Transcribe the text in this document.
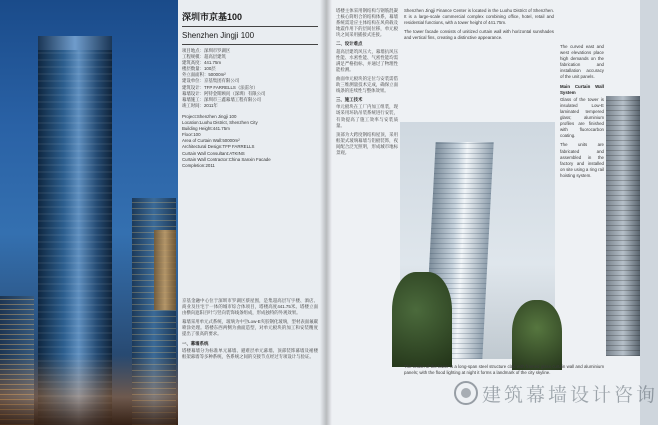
深圳市京基100
Shenzhen Jingji 100
项目地点： 深圳市罗湖区
工程规模： 超高层建筑
建筑高度： 441.75m
楼层数量： 100层
外立面面积： 50000m²
建设单位： 京基集团有限公司
建筑设计： TFP FARRELLS（法雷尔）
幕墙设计： 阿特金斯顾问（深圳）有限公司
幕墙施工： 深圳市三鑫幕墙工程有限公司
竣工时间： 2011年
Project: Shenzhen Jingji 100
Location: Luohu District, Shenzhen City
Building Height: 441.75m
Floor: 100
Area of Curtain Wall: 50000m²
Architectural Design: TFP FARRELLS
Curtain Wall Consultant: ATKINS
Curtain Wall Contractor: China Sanxin Facade
Completion: 2011

京基金融中心位于深圳市罗湖区蔡屋围，是集超高层写字楼、酒店、商业及住宅于一体的城市综合体项目，塔楼高度441.75米。塔楼立面由横向遮阳百叶与竖向装饰线条组成，形成独特的外观效果。

幕墙采用单元式系统，玻璃为中空Low-E夹胶钢化玻璃，型材表面氟碳喷涂处理。塔楼东西两侧为曲面造型，对单元板块的加工和安装精度提出了很高的要求。

一、幕墙系统

塔楼幕墙分为标准单元幕墙、避难层单元幕墙、顶部装饰幕墙及裙楼框架幕墙等多种系统，各系统之间的交接节点经过专项设计与验证。

塔楼主体采用钢结构与钢筋混凝土核心筒组合的结构体系，幕墙系统需适应主体结构在风荷载及地震作用下的层间位移，单元板块之间采用插接式连接。

二、设计难点

超高层建筑风压大，幕墙抗风压性能、水密性能、气密性能均需满足严格指标，并通过了物理性能检测。

曲面单元板块的定位与安装需借助三维测量技术完成，确保立面线条的连续性与整体效果。

三、施工技术

单元板块在工厂内加工组装，现场采用环轨吊装系统进行安装，有效提高了施工效率与安装质量。

顶部为大跨度钢结构屋顶，采用框架式玻璃幕墙与铝板装饰，夜间配合泛光照明，形成城市地标景观。

Shenzhen Jingji Finance Center is located in the Luohu District of Shenzhen. It is a large-scale commercial complex combining office, hotel, retail and residential functions, with a tower height of 441.75m.

The tower facade consists of unitized curtain wall with horizontal sunshades and vertical fins, creating a distinctive appearance.

The curved east and west elevations place high demands on the fabrication and installation accuracy of the unit panels.

Main Curtain Wall System

Glass of the tower is insulated Low-E laminated tempered glass; aluminium profiles are finished with fluorocarbon coating.

The units are fabricated and assembled in the factory and installed on site using a ring rail hoisting system.

The crown of the tower is a long-span steel structure clad with framed glass curtain wall and aluminium panels; with the flood lighting at night it forms a landmark of the city skyline.

建筑幕墙设计咨询
